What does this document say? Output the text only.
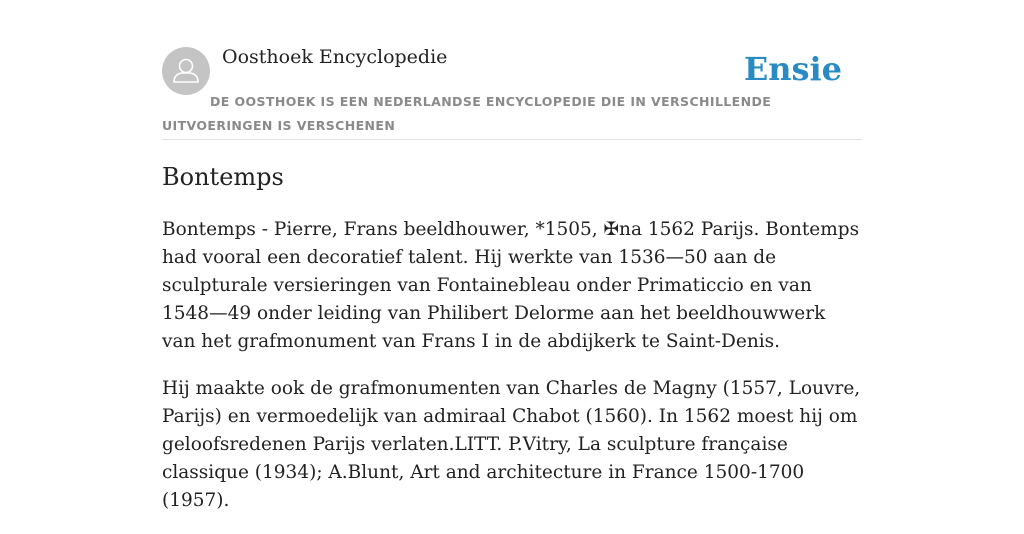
Oosthoek Encyclopedie	Ensie
DE OOSTHOEK IS EEN NEDERLANDSE ENCYCLOPEDIE DIE IN VERSCHILLENDE UITVOERINGEN IS VERSCHENEN
Bontemps

Bontemps - Pierre, Frans beeldhouwer, *1505, ✠na 1562 Parijs. Bontemps had vooral een decoratief talent. Hij werkte van 1536—50 aan de sculpturale versieringen van Fontainebleau onder Primaticcio en van 1548—49 onder leiding van Philibert Delorme aan het beeldhouwwerk van het grafmonument van Frans I in de abdijkerk te Saint-Denis.

Hij maakte ook de grafmonumenten van Charles de Magny (1557, Louvre, Parijs) en vermoedelijk van admiraal Chabot (1560). In 1562 moest hij om geloofsredenen Parijs verlaten.LITT. P.Vitry, La sculpture française classique (1934); A.Blunt, Art and architecture in France 1500-1700 (1957).
